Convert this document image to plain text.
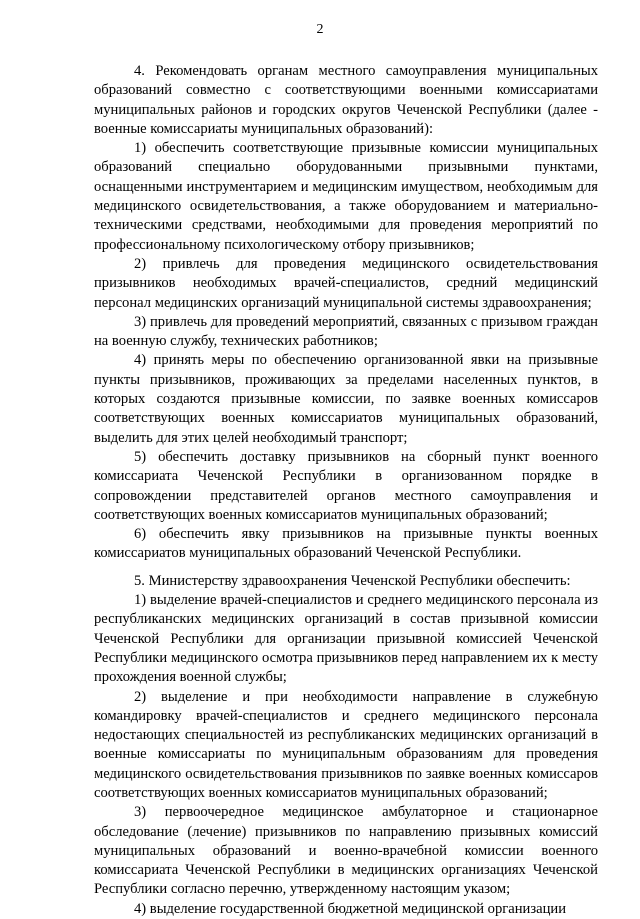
2

4. Рекомендовать органам местного самоуправления муниципальных образований совместно с соответствующими военными комиссариатами муниципальных районов и городских округов Чеченской Республики (далее - военные комиссариаты муниципальных образований):

1) обеспечить соответствующие призывные комиссии муниципальных образований специально оборудованными призывными пунктами, оснащенными инструментарием и медицинским имуществом, необходимым для медицинского освидетельствования, а также оборудованием и материально-техническими средствами, необходимыми для проведения мероприятий по профессиональному психологическому отбору призывников;

2) привлечь для проведения медицинского освидетельствования призывников необходимых врачей-специалистов, средний медицинский персонал медицинских организаций муниципальной системы здравоохранения;

3) привлечь для проведений мероприятий, связанных с призывом граждан на военную службу, технических работников;

4) принять меры по обеспечению организованной явки на призывные пункты призывников, проживающих за пределами населенных пунктов, в которых создаются призывные комиссии, по заявке военных комиссаров соответствующих военных комиссариатов муниципальных образований, выделить для этих целей необходимый транспорт;

5) обеспечить доставку призывников на сборный пункт военного комиссариата Чеченской Республики в организованном порядке в сопровождении представителей органов местного самоуправления и соответствующих военных комиссариатов муниципальных образований;

6) обеспечить явку призывников на призывные пункты военных комиссариатов муниципальных образований Чеченской Республики.

5. Министерству здравоохранения Чеченской Республики обеспечить:

1) выделение врачей-специалистов и среднего медицинского персонала из республиканских медицинских организаций в состав призывной комиссии Чеченской Республики для организации призывной комиссией Чеченской Республики медицинского осмотра призывников перед направлением их к месту прохождения военной службы;

2) выделение и при необходимости направление в служебную командировку врачей-специалистов и среднего медицинского персонала недостающих специальностей из республиканских медицинских организаций в военные комиссариаты по муниципальным образованиям для проведения медицинского освидетельствования призывников по заявке военных комиссаров соответствующих военных комиссариатов муниципальных образований;

3) первоочередное медицинское амбулаторное и стационарное обследование (лечение) призывников по направлению призывных комиссий муниципальных образований и военно-врачебной комиссии военного комиссариата Чеченской Республики в медицинских организациях Чеченской Республики согласно перечню, утвержденному настоящим указом;

4) выделение государственной бюджетной медицинской организации
